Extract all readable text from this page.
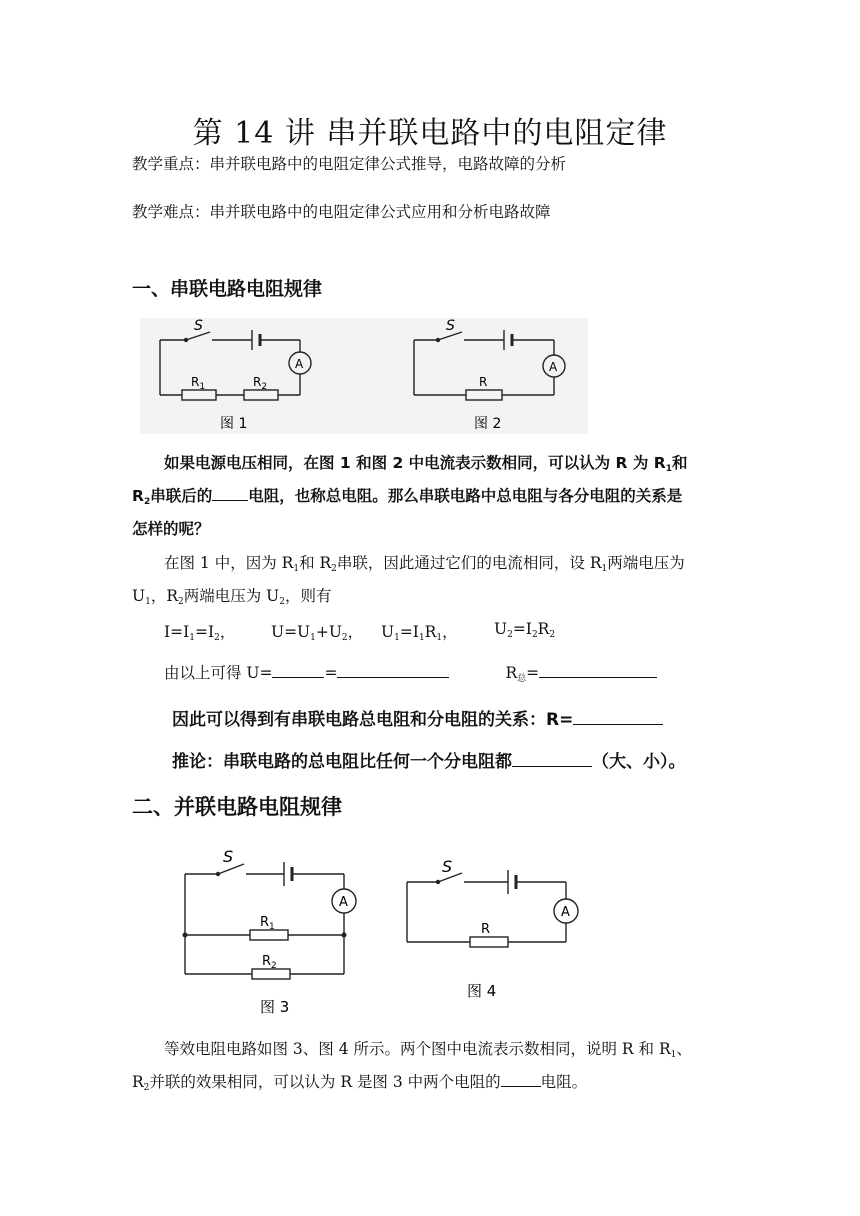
第 14 讲 串并联电路中的电阻定律
教学重点：串并联电路中的电阻定律公式推导，电路故障的分析
教学难点：串并联电路中的电阻定律公式应用和分析电路故障
一、串联电路电阻规律
S
A
$R_1$	$R_2$
图 1
S
A
R
图 2
如果电源电压相同，在图 1 和图 2 中电流表示数相同，可以认为 R 为 $R_1$和
$R_2$串联后的 电阻，也称总电阻。那么串联电路中总电阻与各分电阻的关系是
怎样的呢？
在图 1 中，因为 $R_1$和 $R_2$串联，因此通过它们的电流相同，设 $R_1$两端电压为
$U_1$，$R_2$两端电压为 $U_2$，则有
$I=I_1=I_2$， $U=U_1+U_2$， $U_1=I_1R_1$， $U_2=I_2R_2$
由以上可得 U=	=	$R_总=$
因此可以得到有串联电路总电阻和分电阻的关系：R=
推论：串联电路的总电阻比任何一个分电阻都	（大、小）。
二、并联电路电阻规律
S
A
$R_1$
$R_2$
图 3
S
A
R
图 4
等效电阻电路如图 3、图 4 所示。两个图中电流表示数相同，说明 R 和 $R_1$、
$R_2$并联的效果相同，可以认为 R 是图 3 中两个电阻的	电阻。
